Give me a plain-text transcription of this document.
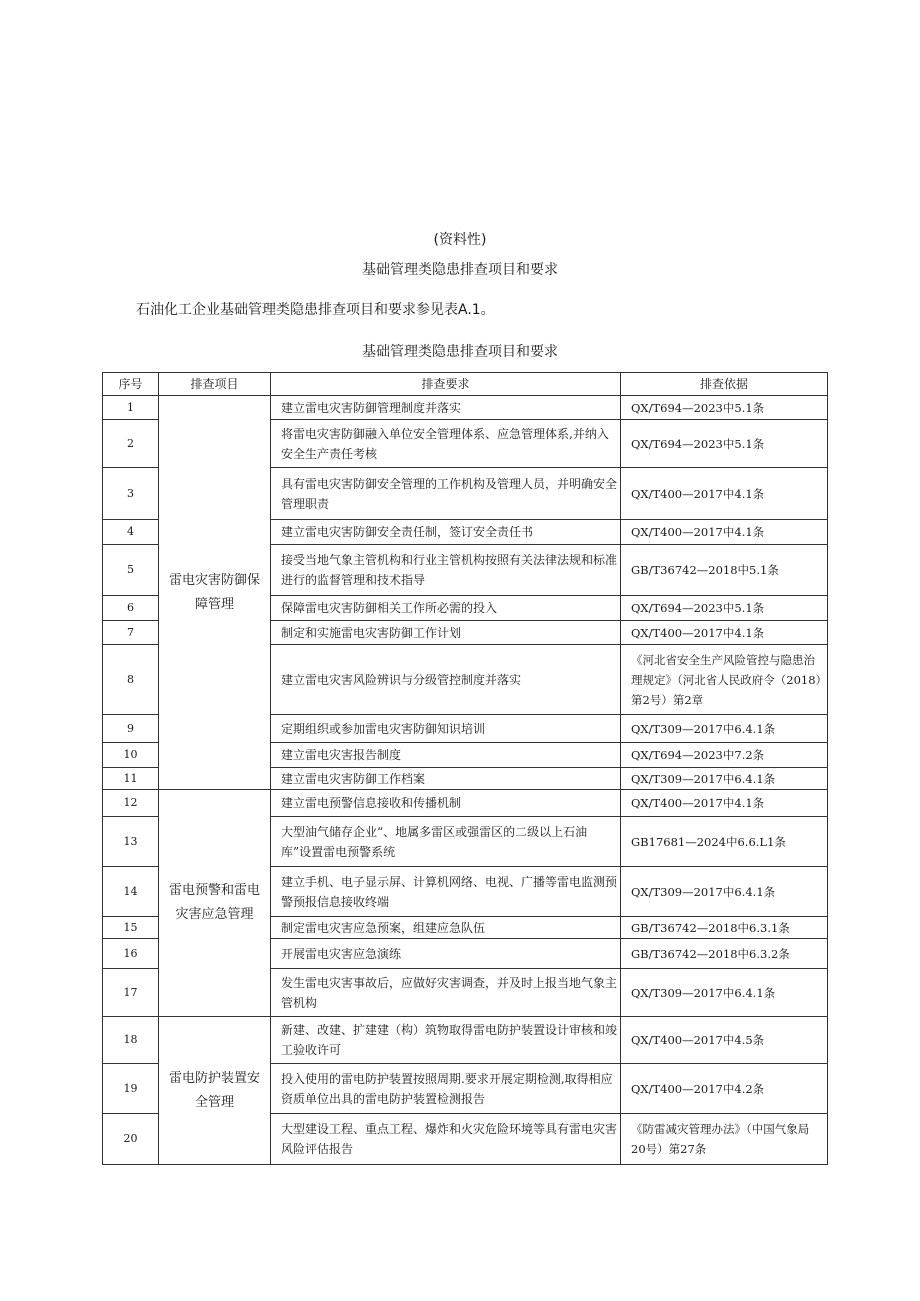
(资料性)
基础管理类隐患排查项目和要求
石油化工企业基础管理类隐患排查项目和要求参见表A.1。
基础管理类隐患排查项目和要求
序号	排查项目	排查要求	排查依据
1	雷电灾害防御保障管理	建立雷电灾害防御管理制度并落实	QX/T694—2023中5.1条
2		将雷电灾害防御融入单位安全管理体系、应急管理体系,并纳入安全生产责任考核	QX/T694—2023中5.1条
3		具有雷电灾害防御安全管理的工作机构及管理人员，并明确安全管理职责	QX/T400—2017中4.1条
4		建立雷电灾害防御安全责任制，签订安全责任书	QX/T400—2017中4.1条
5		接受当地气象主管机构和行业主管机构按照有关法律法规和标准进行的监督管理和技术指导	GB/T36742—2018中5.1条
6		保障雷电灾害防御相关工作所必需的投入	QX/T694—2023中5.1条
7		制定和实施雷电灾害防御工作计划	QX/T400—2017中4.1条
8		建立雷电灾害风险辨识与分级管控制度并落实	《河北省安全生产风险管控与隐患治理规定》（河北省人民政府令（2018）第2号）第2章
9		定期组织或参加雷电灾害防御知识培训	QX/T309—2017中6.4.1条
10		建立雷电灾害报告制度	QX/T694—2023中7.2条
11		建立雷电灾害防御工作档案	QX/T309—2017中6.4.1条
12	雷电预警和雷电灾害应急管理	建立雷电预警信息接收和传播机制	QX/T400—2017中4.1条
13		大型油气储存企业“、地属多雷区或强雷区的二级以上石油库”设置雷电预警系统	GB17681—2024中6.6.L1条
14		建立手机、电子显示屏、计算机网络、电视、广播等雷电监测预警预报信息接收终端	QX/T309—2017中6.4.1条
15		制定雷电灾害应急预案，组建应急队伍	GB/T36742—2018中6.3.1条
16		开展雷电灾害应急演练	GB/T36742—2018中6.3.2条
17		发生雷电灾害事故后，应做好灾害调查，并及时上报当地气象主管机构	QX/T309—2017中6.4.1条
18	雷电防护装置安全管理	新建、改建、扩建建（构）筑物取得雷电防护装置设计审核和竣工验收许可	QX/T400—2017中4.5条
19		投入使用的雷电防护装置按照周期.要求开展定期检测,取得相应资质单位出具的雷电防护装置检测报告	QX/T400—2017中4.2条
20		大型建设工程、重点工程、爆炸和火灾危险环境等具有雷电灾害风险评估报告	《防雷减灾管理办法》（中国气象局20号）第27条
